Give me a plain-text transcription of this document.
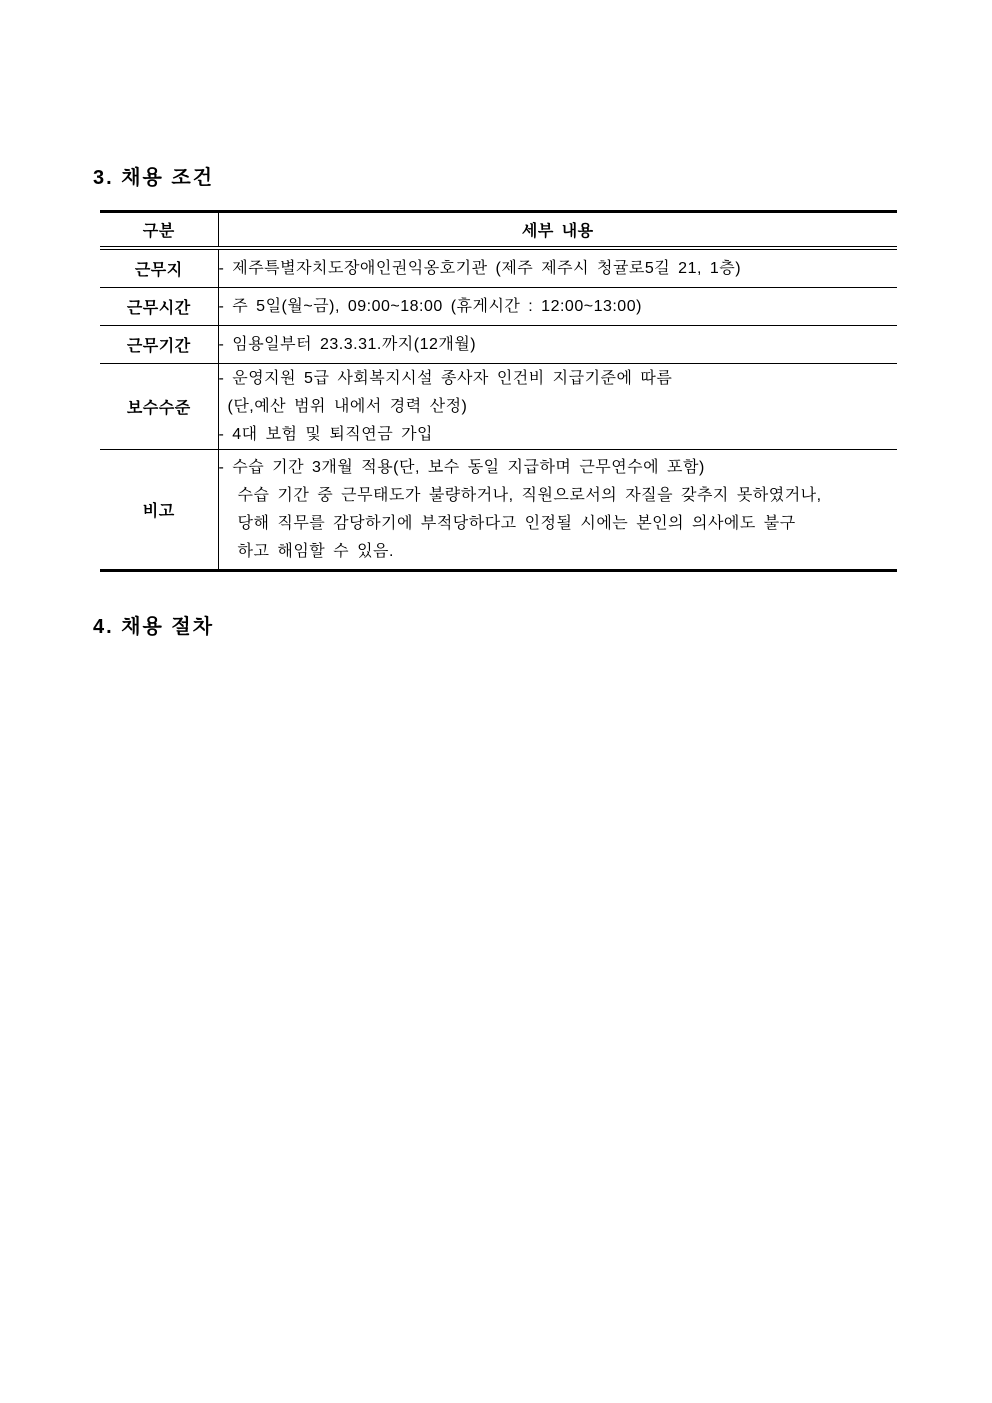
3. 채용 조건
구분	세부 내용
근무지	- 제주특별자치도장애인권익옹호기관 (제주 제주시 청귤로5길 21, 1층)

근무시간	- 주 5일(월~금), 09:00~18:00 (휴게시간 : 12:00~13:00)

근무기간	- 임용일부터 23.3.31.까지(12개월)

보수수준	- 운영지원 5급 사회복지시설 종사자 인건비 지급기준에 따름
(단,예산 범위 내에서 경력 산정)
- 4대 보험 및 퇴직연금 가입

비고	- 수습 기간 3개월 적용(단, 보수 동일 지급하며 근무연수에 포함)
수습 기간 중 근무태도가 불량하거나, 직원으로서의 자질을 갖추지 못하였거나,
당해 직무를 감당하기에 부적당하다고 인정될 시에는 본인의 의사에도 불구
하고 해임할 수 있음.
4. 채용 절차
